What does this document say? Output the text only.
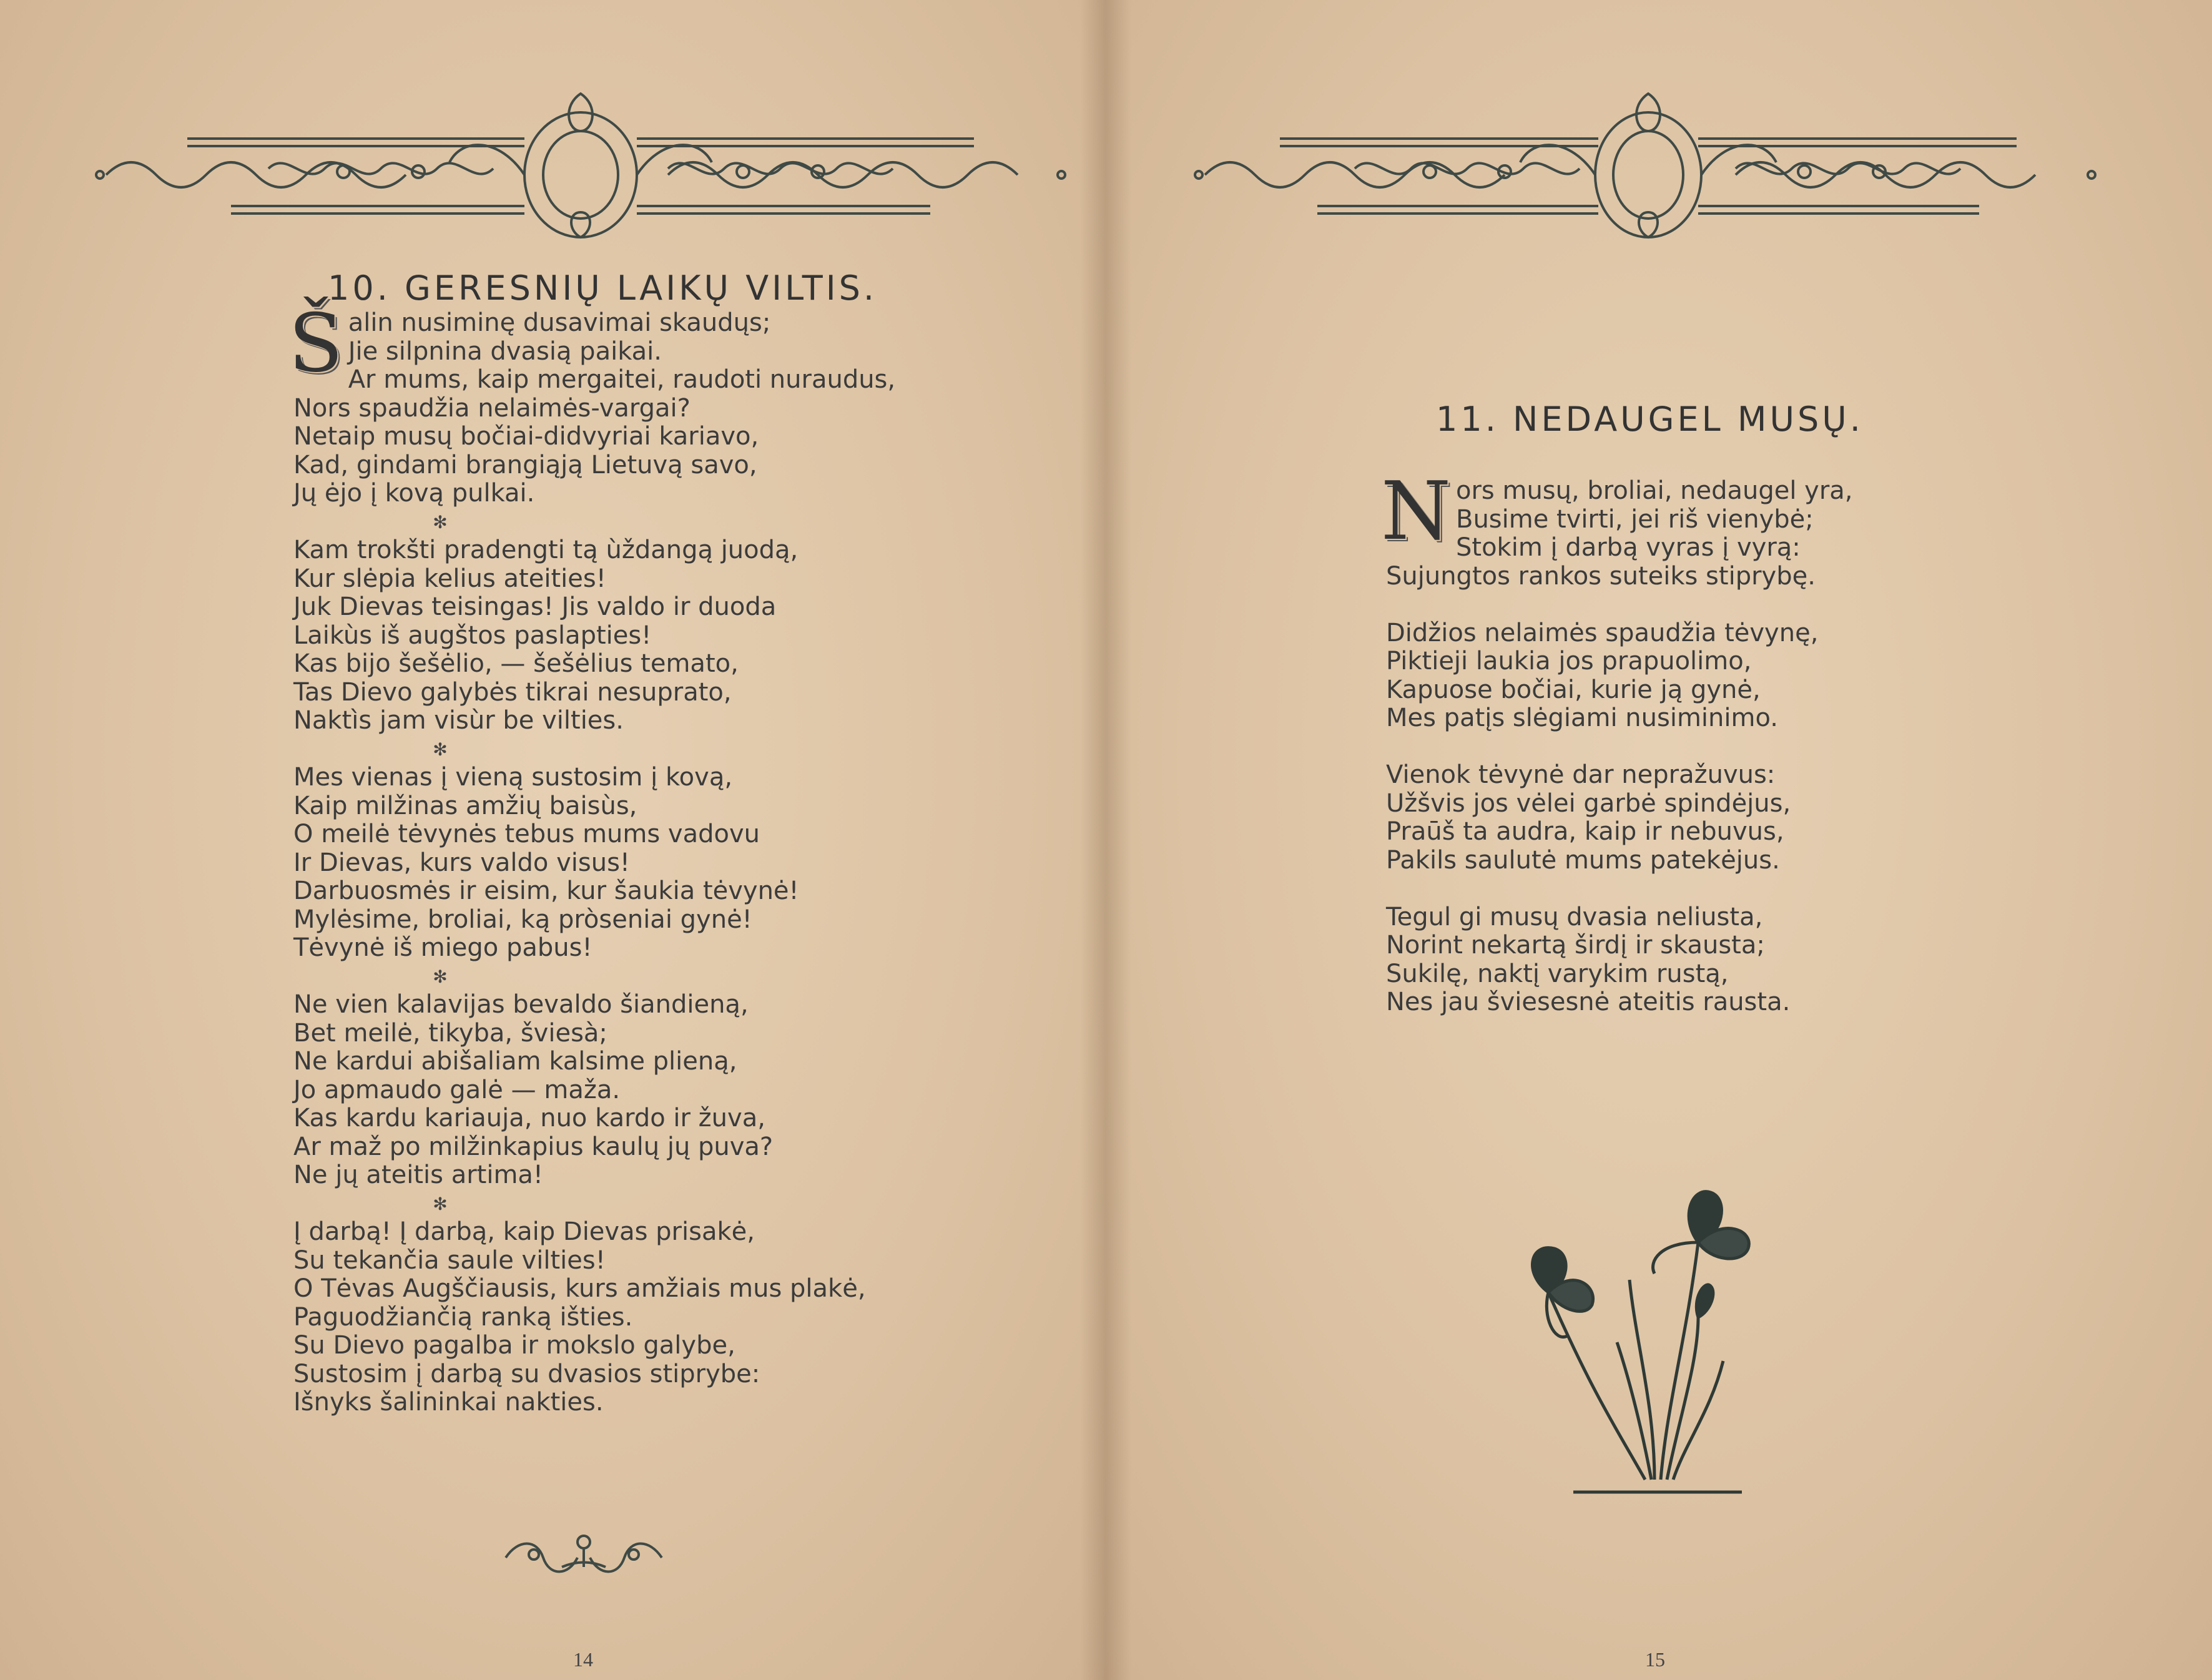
10. GERESNIŲ LAIKŲ VILTIS.
Š alin nusiminę dusavimai skaudųs;
Jie silpnina dvasią paikai.
Ar mums, kaip mergaitei, raudoti nuraudus,
Nors spaudžia nelaimės-vargai?
Netaip musų bočiai-didvyriai kariavo,
Kad, gindami brangiąją Lietuvą savo,
Jų ėjo į kovą pulkai.
✻
Kam trokšti pradengti tą ùždangą juodą,
Kur slėpia kelius ateities!
Juk Dievas teisingas! Jis valdo ir duoda
Laikùs iš augštos paslapties!
Kas bijo šešėlio, — šešėlius temato,
Tas Dievo galybės tikrai nesuprato,
Naktìs jam visùr be vilties.
✻
Mes vienas į vieną sustosim į kovą,
Kaip milžinas amžių baisùs,
O meilė tėvynės tebus mums vadovu
Ir Dievas, kurs valdo visus!
Darbuosmės ir eisim, kur šaukia tėvynė!
Mylėsime, broliai, ką pròseniai gynė!
Tėvynė iš miego pabus!
✻
Ne vien kalavijas bevaldo šiandieną,
Bet meilė, tikyba, šviesà;
Ne kardui abišaliam kalsime plieną,
Jo apmaudo galė — maža.
Kas kardu kariauja, nuo kardo ir žuva,
Ar maž po milžinkapius kaulų jų puva?
Ne jų ateitis artima!
✻
Į darbą! Į darbą, kaip Dievas prisakė,
Su tekančia saule vilties!
O Tėvas Augščiausis, kurs amžiais mus plakė,
Paguodžiančią ranką išties.
Su Dievo pagalba ir mokslo galybe,
Sustosim į darbą su dvasios stiprybe:
Išnyks šalininkai nakties.
14
11. NEDAUGEL MUSŲ.
N ors musų, broliai, nedaugel yra,
Busime tvirti, jei riš vienybė;
Stokim į darbą vyras į vyrą:
Sujungtos rankos suteiks stiprybę.
Didžios nelaimės spaudžia tėvynę,
Piktieji laukia jos prapuolimo,
Kapuose bočiai, kurie ją gynė,
Mes patįs slėgiami nusiminimo.
Vienok tėvynė dar nepražuvus:
Užšvis jos vėlei garbė spindėjus,
Praūš ta audra, kaip ir nebuvus,
Pakils saulutė mums patekėjus.
Tegul gi musų dvasia neliusta,
Norint nekartą širdį ir skausta;
Sukilę, naktį varykim rustą,
Nes jau šviesesnė ateitis rausta.
15
